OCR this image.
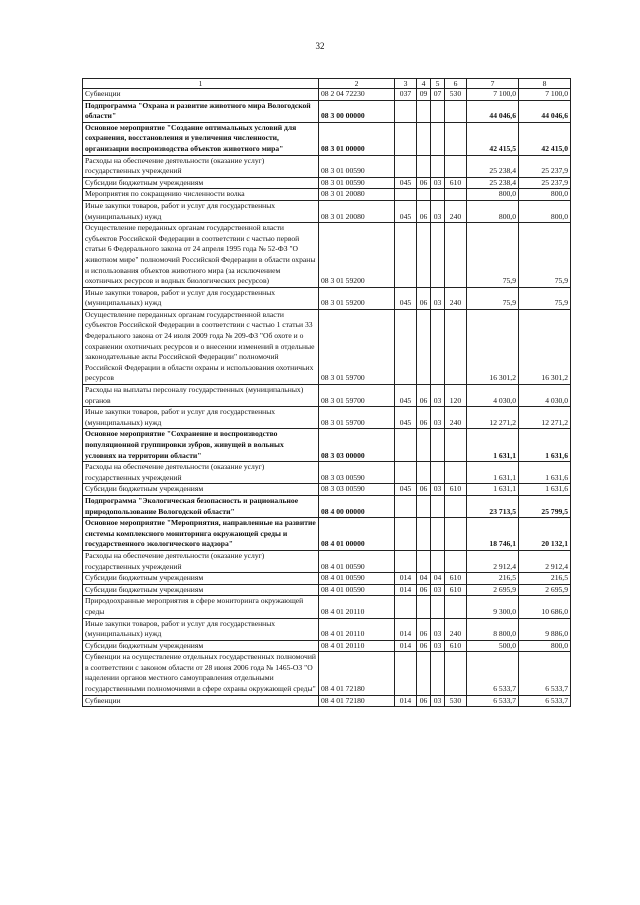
32
1	2	3	4	5	6	7	8
Субвенции	08 2 04 72230	037	09	07	530	7 100,0	7 100,0
Подпрограмма "Охрана и развитие животного мира Вологодской области"	08 3 00 00000					44 046,6	44 046,6
Основное мероприятие "Создание оптимальных условий для сохранения, восстановления и увеличения численности, организации воспроизводства объектов животного мира"	08 3 01 00000					42 415,5	42 415,0
Расходы на обеспечение деятельности (оказание услуг) государственных учреждений	08 3 01 00590					25 238,4	25 237,9
Субсидии бюджетным учреждениям	08 3 01 00590	045	06	03	610	25 238,4	25 237,9
Мероприятия по сокращению численности волка	08 3 01 20080					800,0	800,0
Иные закупки товаров, работ и услуг для государственных (муниципальных) нужд	08 3 01 20080	045	06	03	240	800,0	800,0
Осуществление переданных органам государственной власти субъектов Российской Федерации в соответствии с частью первой статьи 6 Федерального закона от 24 апреля 1995 года № 52-ФЗ "О животном мире" полномочий Российской Федерации в области охраны и использования объектов животного мира (за исключением охотничьих ресурсов и водных биологических ресурсов)	08 3 01 59200					75,9	75,9
Иные закупки товаров, работ и услуг для государственных (муниципальных) нужд	08 3 01 59200	045	06	03	240	75,9	75,9
Осуществление переданных органам государственной власти субъектов Российской Федерации в соответствии с частью 1 статьи 33 Федерального закона от 24 июля 2009 года № 209-ФЗ "Об охоте и о сохранении охотничьих ресурсов и о внесении изменений в отдельные законодательные акты Российской Федерации" полномочий Российской Федерации в области охраны и использования охотничьих ресурсов	08 3 01 59700					16 301,2	16 301,2
Расходы на выплаты персоналу государственных (муниципальных) органов	08 3 01 59700	045	06	03	120	4 030,0	4 030,0
Иные закупки товаров, работ и услуг для государственных (муниципальных) нужд	08 3 01 59700	045	06	03	240	12 271,2	12 271,2
Основное мероприятие "Сохранение и воспроизводство популяционной группировки зубров, живущей в вольных условиях на территории области"	08 3 03 00000					1 631,1	1 631,6
Расходы на обеспечение деятельности (оказание услуг) государственных учреждений	08 3 03 00590					1 631,1	1 631,6
Субсидии бюджетным учреждениям	08 3 03 00590	045	06	03	610	1 631,1	1 631,6
Подпрограмма "Экологическая безопасность и рациональное природопользование Вологодской области"	08 4 00 00000					23 713,5	25 799,5
Основное мероприятие "Мероприятия, направленные на развитие системы комплексного мониторинга окружающей среды и государственного экологического надзора"	08 4 01 00000					18 746,1	20 132,1
Расходы на обеспечение деятельности (оказание услуг) государственных учреждений	08 4 01 00590					2 912,4	2 912,4
Субсидии бюджетным учреждениям	08 4 01 00590	014	04	04	610	216,5	216,5
Субсидии бюджетным учреждениям	08 4 01 00590	014	06	03	610	2 695,9	2 695,9
Природоохранные мероприятия в сфере мониторинга окружающей среды	08 4 01 20110					9 300,0	10 686,0
Иные закупки товаров, работ и услуг для государственных (муниципальных) нужд	08 4 01 20110	014	06	03	240	8 800,0	9 886,0
Субсидии бюджетным учреждениям	08 4 01 20110	014	06	03	610	500,0	800,0
Субвенции на осуществление отдельных государственных полномочий в соответствии с законом области от 28 июня 2006 года № 1465-ОЗ "О наделении органов местного самоуправления отдельными государственными полномочиями в сфере охраны окружающей среды"	08 4 01 72180					6 533,7	6 533,7
Субвенции	08 4 01 72180	014	06	03	530	6 533,7	6 533,7
